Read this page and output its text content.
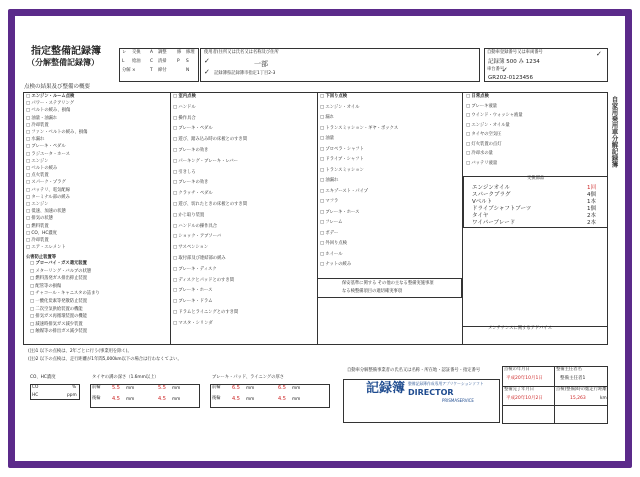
指定整備記録簿
（分解整備記録簿）
レ 交換
L 給油
分解 ×
A 調整
C 清掃
T 締付
修 修理
P S
N
使用者(住所又は氏名又は名称及び住所
✓	一部
✓ 記録簿県記録簿市指定1丁目2-3
自動車登録番号又は車両番号	✓
記録簿 500 み 1234
車台番号
✓
GR202-0123456
点検の結果及び整備の概要
□ エンジン・ルーム点検
□ パワー・ステアリング
□ ベルトの緩み、損傷
□ 油量・油漏れ
□ 冷却装置
□ ファン・ベルトの緩み、損傷
□ 水漏れ
□ ブレーキ・ペダル
□ ラジエータ・ホース
□ エンジン
□ ベルトの緩み
□ 点火装置
□ スパーク・プラグ
□ バッテリ、電気配線
□ ターミナル部の緩み
□ エンジン
□ 低速、加速の状態
□ 排気の状態
□ 燃料装置
□ CO、HC濃度
□ 冷却装置
□ エア・エレメント
□ ブローバイ・ガス還元装置
□ メターリング・バルブの状態
□ 燃料蒸発ガス排出抑止装置
□ 配管等の損傷
□ チャコール・キャニスタの詰まり
□ 一酸化炭素等発散防止装置
□ 二次空気供給装置の機能
□ 排気ガス再循環装置の機能
□ 減速時排気ガス減少装置
□ 触媒等の排出ガス減少装置
公害防止装置等
□ 室内点検
□ ハンドル
□ 操作具合
□ ブレーキ・ペダル
□ 遊び、踏み込み時の床板とのすき間
□ ブレーキの効き
□ パーキング・ブレーキ・レバー
□ 引きしろ
□ ブレーキの効き
□ クラッチ・ペダル
□ 遊び、切れたときの床板とのすき間
□ かじ取り装置
□ ハンドルの操作具合
□ ショック・アブソーバ
□ サスペンション
□ 取付部及び連結部の緩み
□ ブレーキ・ディスク
□ ディスクとパッドとのすき間
□ ブレーキ・ホース
□ ブレーキ・ドラム
□ ドラムとライニングとのすき間
□ マスタ・シリンダ
□ 下回り点検
□ エンジン・オイル
□ 漏れ
□ トランスミッション・ギヤ・ボックス
□ 油量
□ プロペラ・シャフト
□ ドライブ・シャフト
□ トランスミッション
□ 油漏れ
□ エキゾースト・パイプ
□ マフラ
□ ブレーキ・ホース
□ フレーム
□ ボデー
□ 外回り点検
□ ホイール
□ ナットの緩み
□ 日常点検
□ ブレーキ液量
□ ウインド・ウォッシャ液量
□ エンジン・オイル量
□ タイヤの空気圧
□ 灯火装置の点灯
□ 冷却水の量
□ バッテリ液量
保安基準に関する その他の主なる整備実施事項
なる検整備項目の適切確実事項
メンテナンスに関するアドバイス
交換部品
エンジンオイル	1回
スパークプラグ	4個
Vベルト	1本
ドライブシャフトブーツ	1個
タイヤ	2本
ワイパーブレード	2本
自家用乗用車分解記録簿
(注)1 以下の点検は、2年ごとに行う(事業用を除く)。
(注)2 以下の点検は、走行距離が1年間5,000km以下の場合は行わなくてよい。
CO、HC濃度
CO	%
HC	ppm
タイヤの溝の深さ（1.6mm以上）
前輪 5.5 mm	5.5 mm
後輪 4.5 mm	4.5 mm
ブレーキ・パッド、ライニングの厚さ
前輪 6.5 mm	6.5 mm
後輪 4.5 mm	4.5 mm
自動車分解整備事業者の氏名又は名称・所在地・認証番号・指定番号
記録簿 DIRECTOR
整備記録簿作成専用アプリケーションソフト
PRISMASERVICE
点検の年月日
平成20年10月1日
整備主任者名
整備主任者1
整備完了年月日
平成20年10月2日
点検(整備)時の総走行距離
15,263	km
